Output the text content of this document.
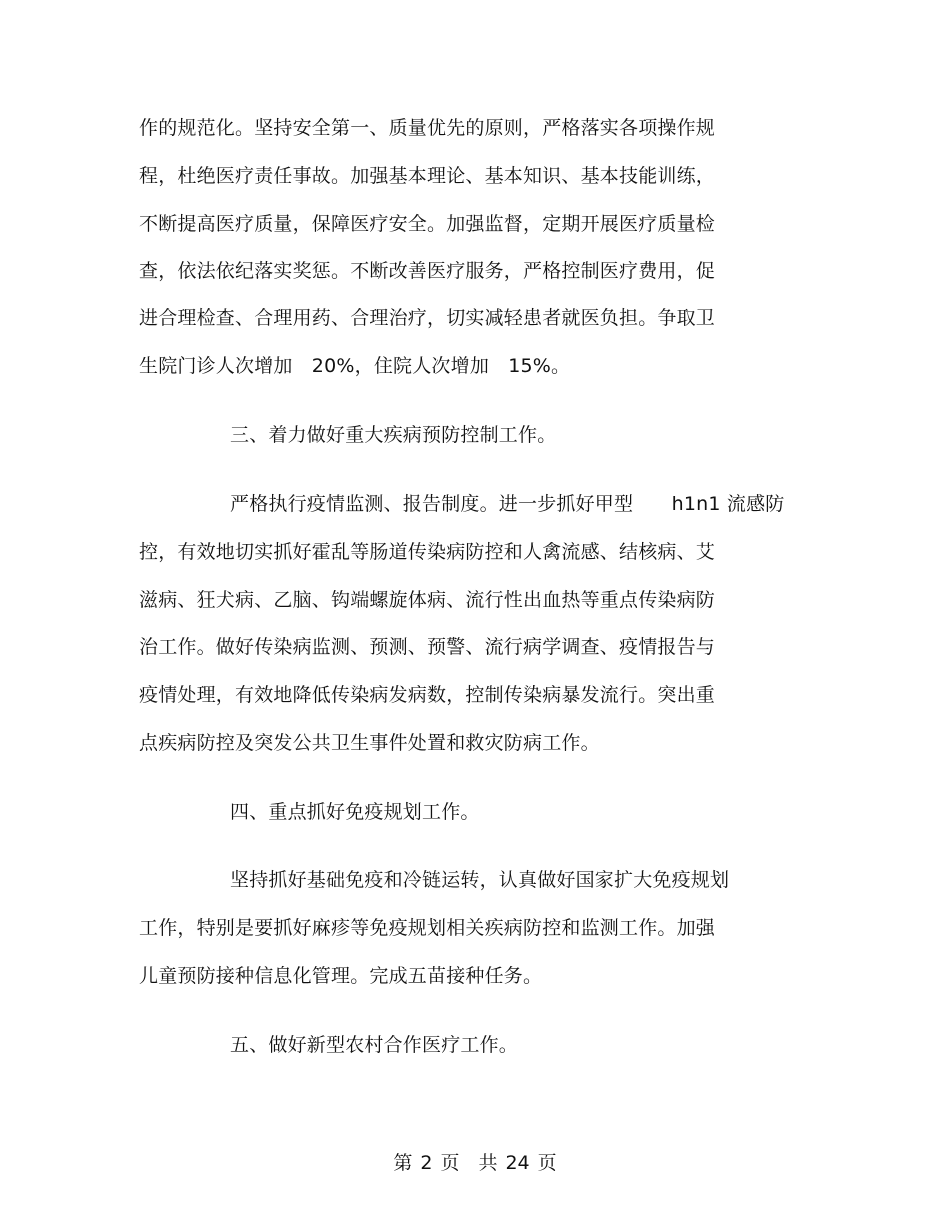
作的规范化。坚持安全第一、质量优先的原则，严格落实各项操作规
程，杜绝医疗责任事故。加强基本理论、基本知识、基本技能训练，
不断提高医疗质量，保障医疗安全。加强监督，定期开展医疗质量检
查，依法依纪落实奖惩。不断改善医疗服务，严格控制医疗费用，促
进合理检查、合理用药、合理治疗，切实减轻患者就医负担。争取卫
生院门诊人次增加　20%，住院人次增加　15%。
三、着力做好重大疾病预防控制工作。
严格执行疫情监测、报告制度。进一步抓好甲型　　h1n1 流感防
控，有效地切实抓好霍乱等肠道传染病防控和人禽流感、结核病、艾
滋病、狂犬病、乙脑、钩端螺旋体病、流行性出血热等重点传染病防
治工作。做好传染病监测、预测、预警、流行病学调查、疫情报告与
疫情处理，有效地降低传染病发病数，控制传染病暴发流行。突出重
点疾病防控及突发公共卫生事件处置和救灾防病工作。
四、重点抓好免疫规划工作。
坚持抓好基础免疫和冷链运转，认真做好国家扩大免疫规划
工作，特别是要抓好麻疹等免疫规划相关疾病防控和监测工作。加强
儿童预防接种信息化管理。完成五苗接种任务。
五、做好新型农村合作医疗工作。
第 2 页　共 24 页
